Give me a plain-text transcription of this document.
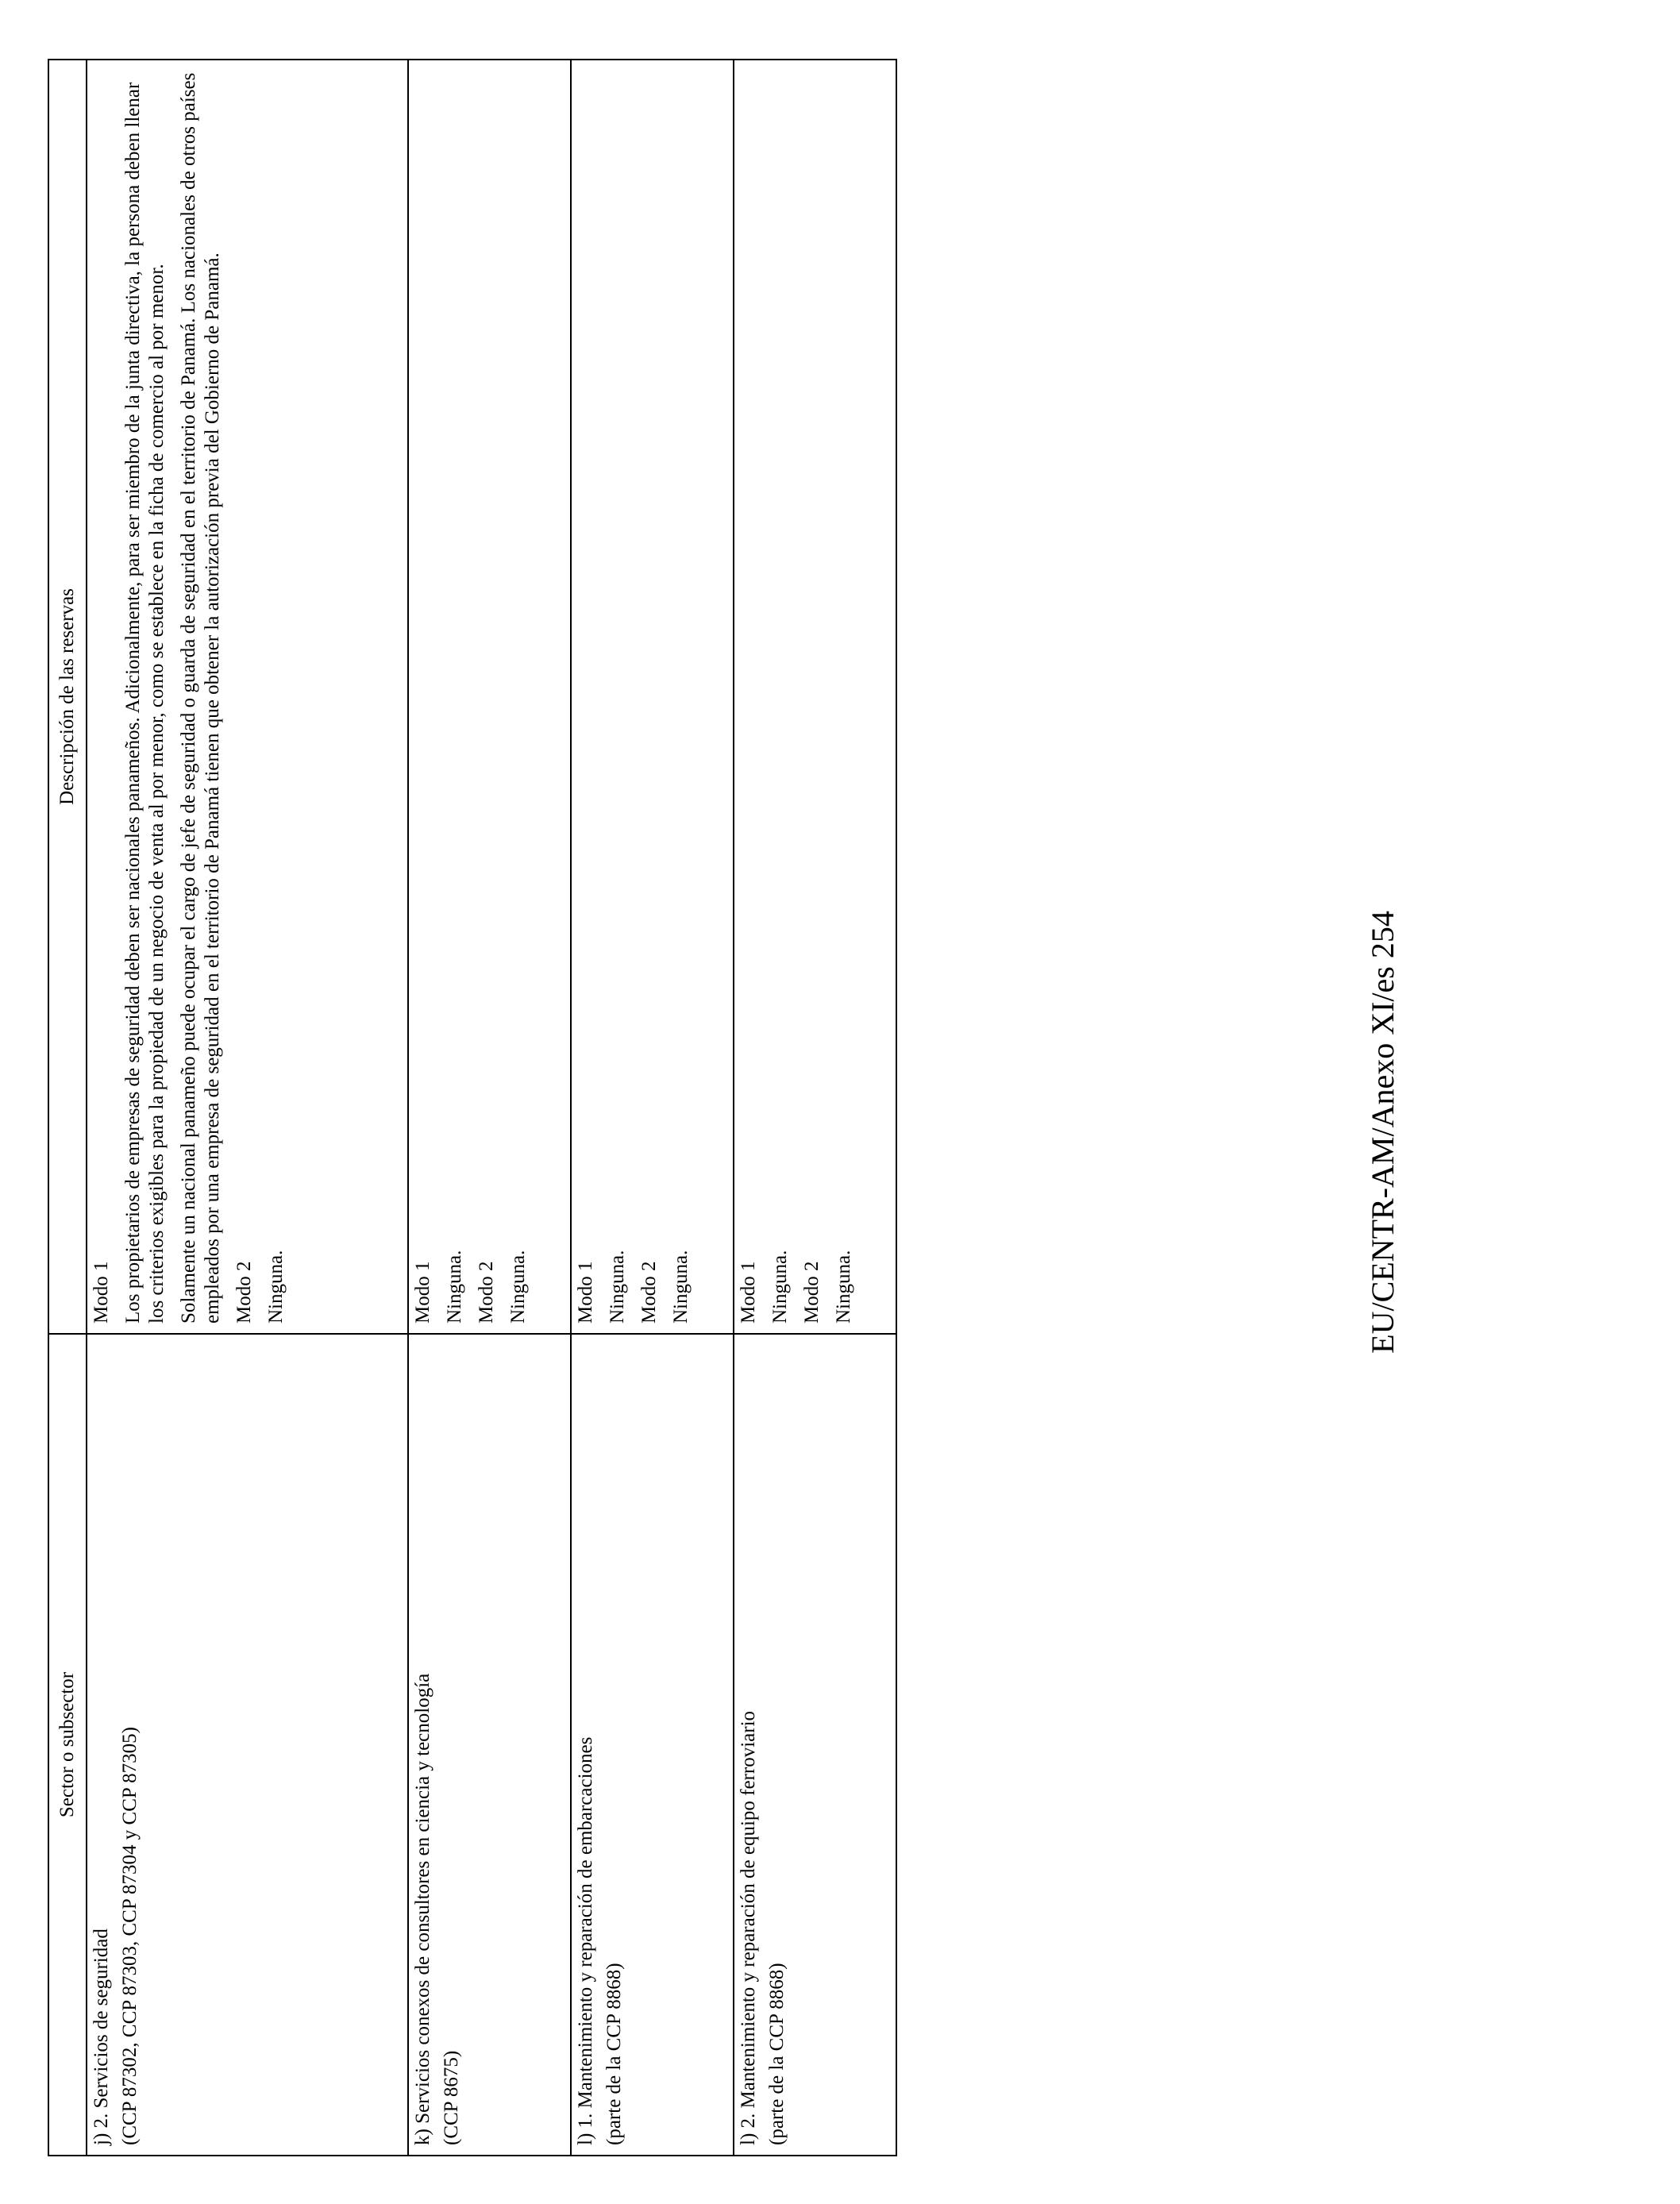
Sector o subsector	Descripción de las reservas

j) 2. Servicios de seguridad (CCP 87302, CCP 87303, CCP 87304 y CCP 87305)	Modo 1 Los propietarios de empresas de seguridad deben ser nacionales panameños. Adicionalmente, para ser miembro de la junta directiva, la persona deben llenar los criterios exigibles para la propiedad de un negocio de venta al por menor, como se establece en la ficha de comercio al por menor. Solamente un nacional panameño puede ocupar el cargo de jefe de seguridad o guarda de seguridad en el territorio de Panamá. Los nacionales de otros países empleados por una empresa de seguridad en el territorio de Panamá tienen que obtener la autorización previa del Gobierno de Panamá. Modo 2 Ninguna.

k) Servicios conexos de consultores en ciencia y tecnología (CCP 8675)	Modo 1 Ninguna. Modo 2 Ninguna.

l) 1. Mantenimiento y reparación de embarcaciones (parte de la CCP 8868)	Modo 1 Ninguna. Modo 2 Ninguna.

l) 2. Mantenimiento y reparación de equipo ferroviario (parte de la CCP 8868)	Modo 1 Ninguna. Modo 2 Ninguna.	EU/CENTR-AM/Anexo XI/es 254
